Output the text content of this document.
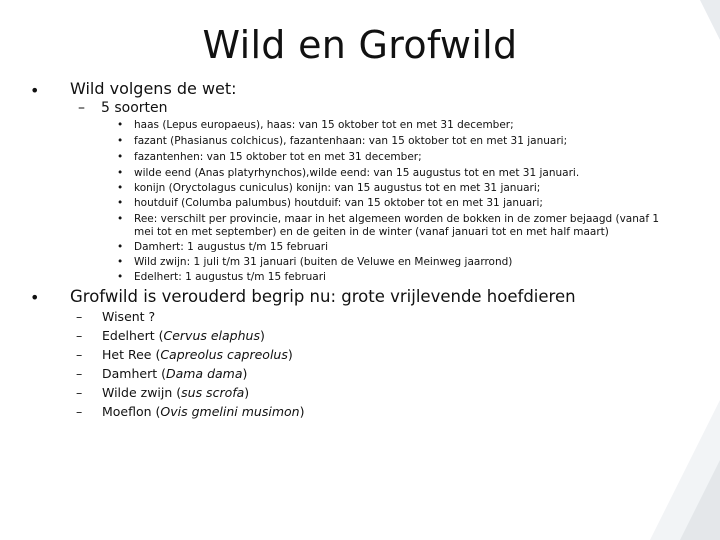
Wild en Grofwild
• Wild volgens de wet:
– 5 soorten
• haas (Lepus europaeus), haas: van 15 oktober tot en met 31 december;
• fazant (Phasianus colchicus), fazantenhaan: van 15 oktober tot en met 31 januari;
• fazantenhen: van 15 oktober tot en met 31 december;
• wilde eend (Anas platyrhynchos),wilde eend: van 15 augustus tot en met 31 januari.
• konijn (Oryctolagus cuniculus) konijn: van 15 augustus tot en met 31 januari;
• houtduif (Columba palumbus) houtduif: van 15 oktober tot en met 31 januari;
• Ree: verschilt per provincie, maar in het algemeen worden de bokken in de zomer bejaagd (vanaf 1
mei tot en met september) en de geiten in de winter (vanaf januari tot en met half maart)
• Damhert: 1 augustus t/m 15 februari
• Wild zwijn: 1 juli t/m 31 januari (buiten de Veluwe en Meinweg jaarrond)
• Edelhert: 1 augustus t/m 15 februari
• Grofwild is verouderd begrip nu: grote vrijlevende hoefdieren
– Wisent ?
– Edelhert (Cervus elaphus)
– Het Ree (Capreolus capreolus)
– Damhert (Dama dama)
– Wilde zwijn (sus scrofa)
– Moeflon (Ovis gmelini musimon)
